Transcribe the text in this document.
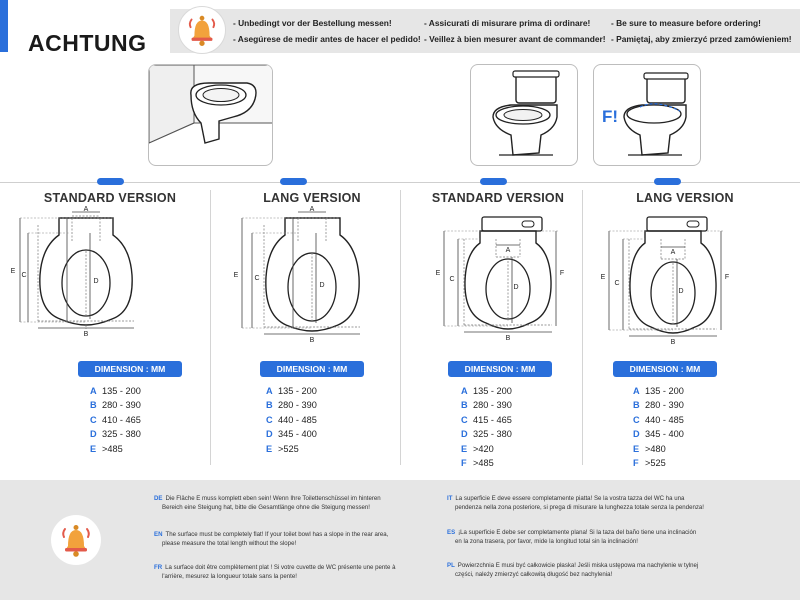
ACHTUNG
- Unbedingt vor der Bestellung messen!
- Asegúrese de medir antes de hacer el pedido!
- Assicurati di misurare prima di ordinare!
- Veillez à bien mesurer avant de commander!
- Be sure to measure before ordering!
- Pamiętaj, aby zmierzyć przed zamówieniem!
F!
STANDARD VERSION
A
B
C
D
E
DIMENSION : MM
A 135 - 200
B 280 - 390
C 410 - 465
D 325 - 380
E >485
LANG VERSION
A
B
C
D
E
DIMENSION : MM
A 135 - 200
B 280 - 390
C 440 - 485
D 345 - 400
E >525
STANDARD VERSION
A
B
C
D
E	F
DIMENSION : MM
A 135 - 200
B 280 - 390
C 415 - 465
D 325 - 380
E >420
F >485
LANG VERSION
A
B
C
D
E	F
DIMENSION : MM
A 135 - 200
B 280 - 390
C 440 - 485
D 345 - 400
E >480
F >525
DE Die Fläche E muss komplett eben sein! Wenn Ihre Toilettenschüssel im hinteren
Bereich eine Steigung hat, bitte die Gesamtlänge ohne die Steigung messen!
EN The surface must be completely flat! If your toilet bowl has a slope in the rear area,
please measure the total length without the slope!
FR La surface doit être complètement plat ! Si votre cuvette de WC présente une pente à
l'arrière, mesurez la longueur totale sans la pente!
IT La superficie E deve essere completamente piatta! Se la vostra tazza del WC ha una
pendenza nella zona posteriore, si prega di misurare la lunghezza totale senza la pendenza!
ES ¡La superficie E debe ser completamente plana! Si la taza del baño tiene una inclinación
en la zona trasera, por favor, mide la longitud total sin la inclinación!
PL Powierzchnia E musi być całkowicie płaska! Jeśli miska ustępowa ma nachylenie w tylnej
części, należy zmierzyć całkowitą długość bez nachylenia!
